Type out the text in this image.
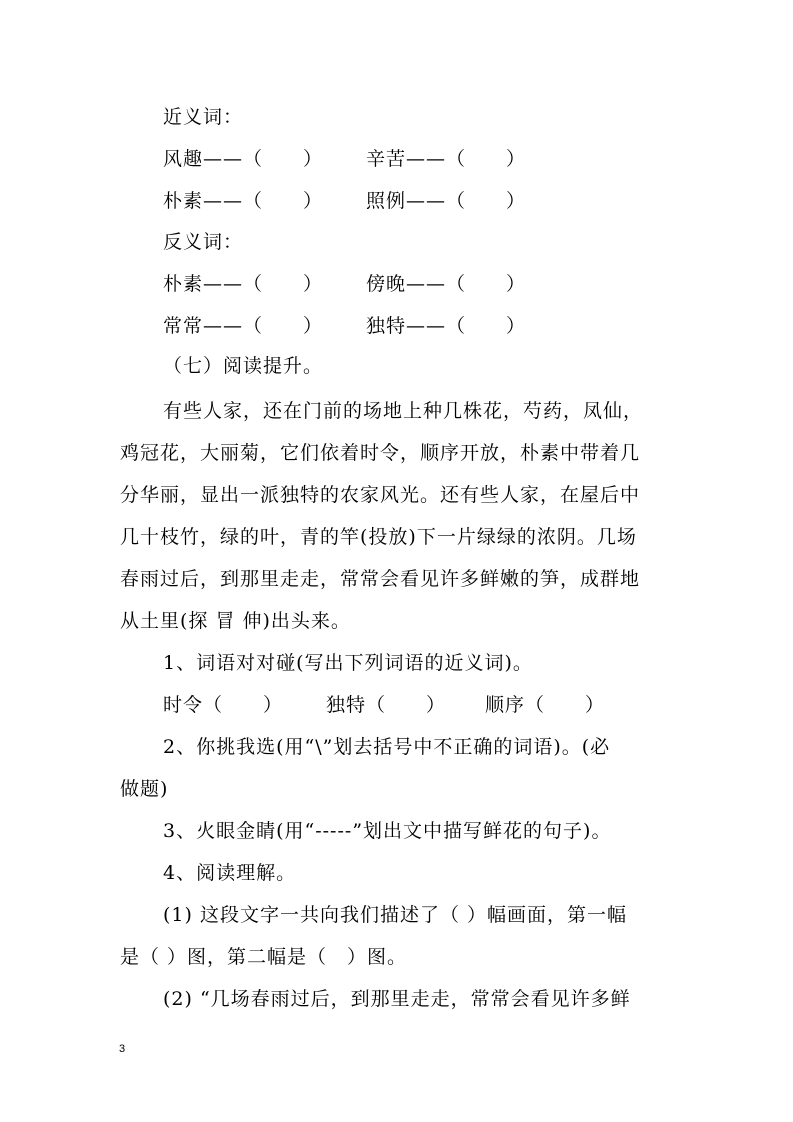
近义词：
风趣——（　　） 辛苦——（　　）
朴素——（　　） 照例——（　　）
反义词：
朴素——（　　） 傍晚——（　　）
常常——（　　） 独特——（　　）
（七）阅读提升。
有些人家，还在门前的场地上种几株花，芍药，凤仙，
鸡冠花，大丽菊，它们依着时令，顺序开放，朴素中带着几
分华丽，显出一派独特的农家风光。还有些人家，在屋后中
几十枝竹，绿的叶，青的竿(投放)下一片绿绿的浓阴。几场
春雨过后，到那里走走，常常会看见许多鲜嫩的笋，成群地
从土里(探 冒 伸)出头来。
1、词语对对碰(写出下列词语的近义词)。
时令（　　） 独特（　　） 顺序（　　）
2、你挑我选(用“\”划去括号中不正确的词语)。(必
做题)
3、火眼金睛(用“-----”划出文中描写鲜花的句子)。
4、阅读理解。
(1) 这段文字一共向我们描述了（ ）幅画面，第一幅
是（ ）图，第二幅是（　）图。
(2) “几场春雨过后，到那里走走，常常会看见许多鲜
3
